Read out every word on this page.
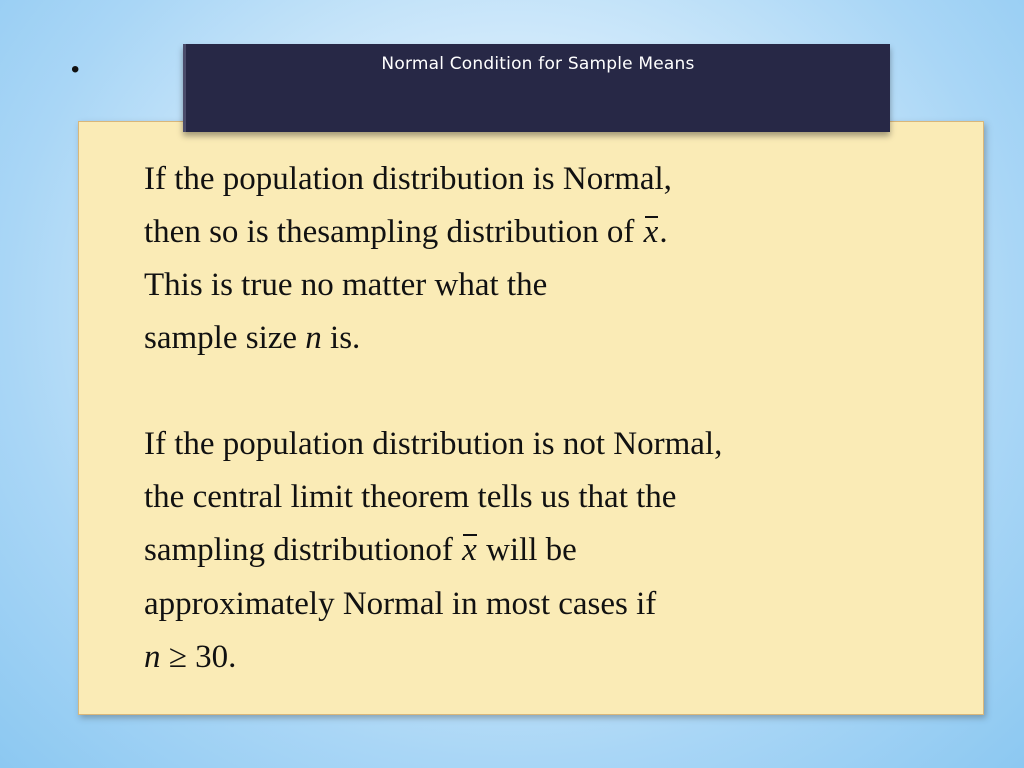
•	Normal Condition for Sample Means
If the population distribution is Normal,
then so is thesampling distribution of x.
This is true no matter what the
sample size n is.
If the population distribution is not Normal,
the central limit theorem tells us that the
sampling distributionof x will be
approximately Normal in most cases if
n ≥ 30.
